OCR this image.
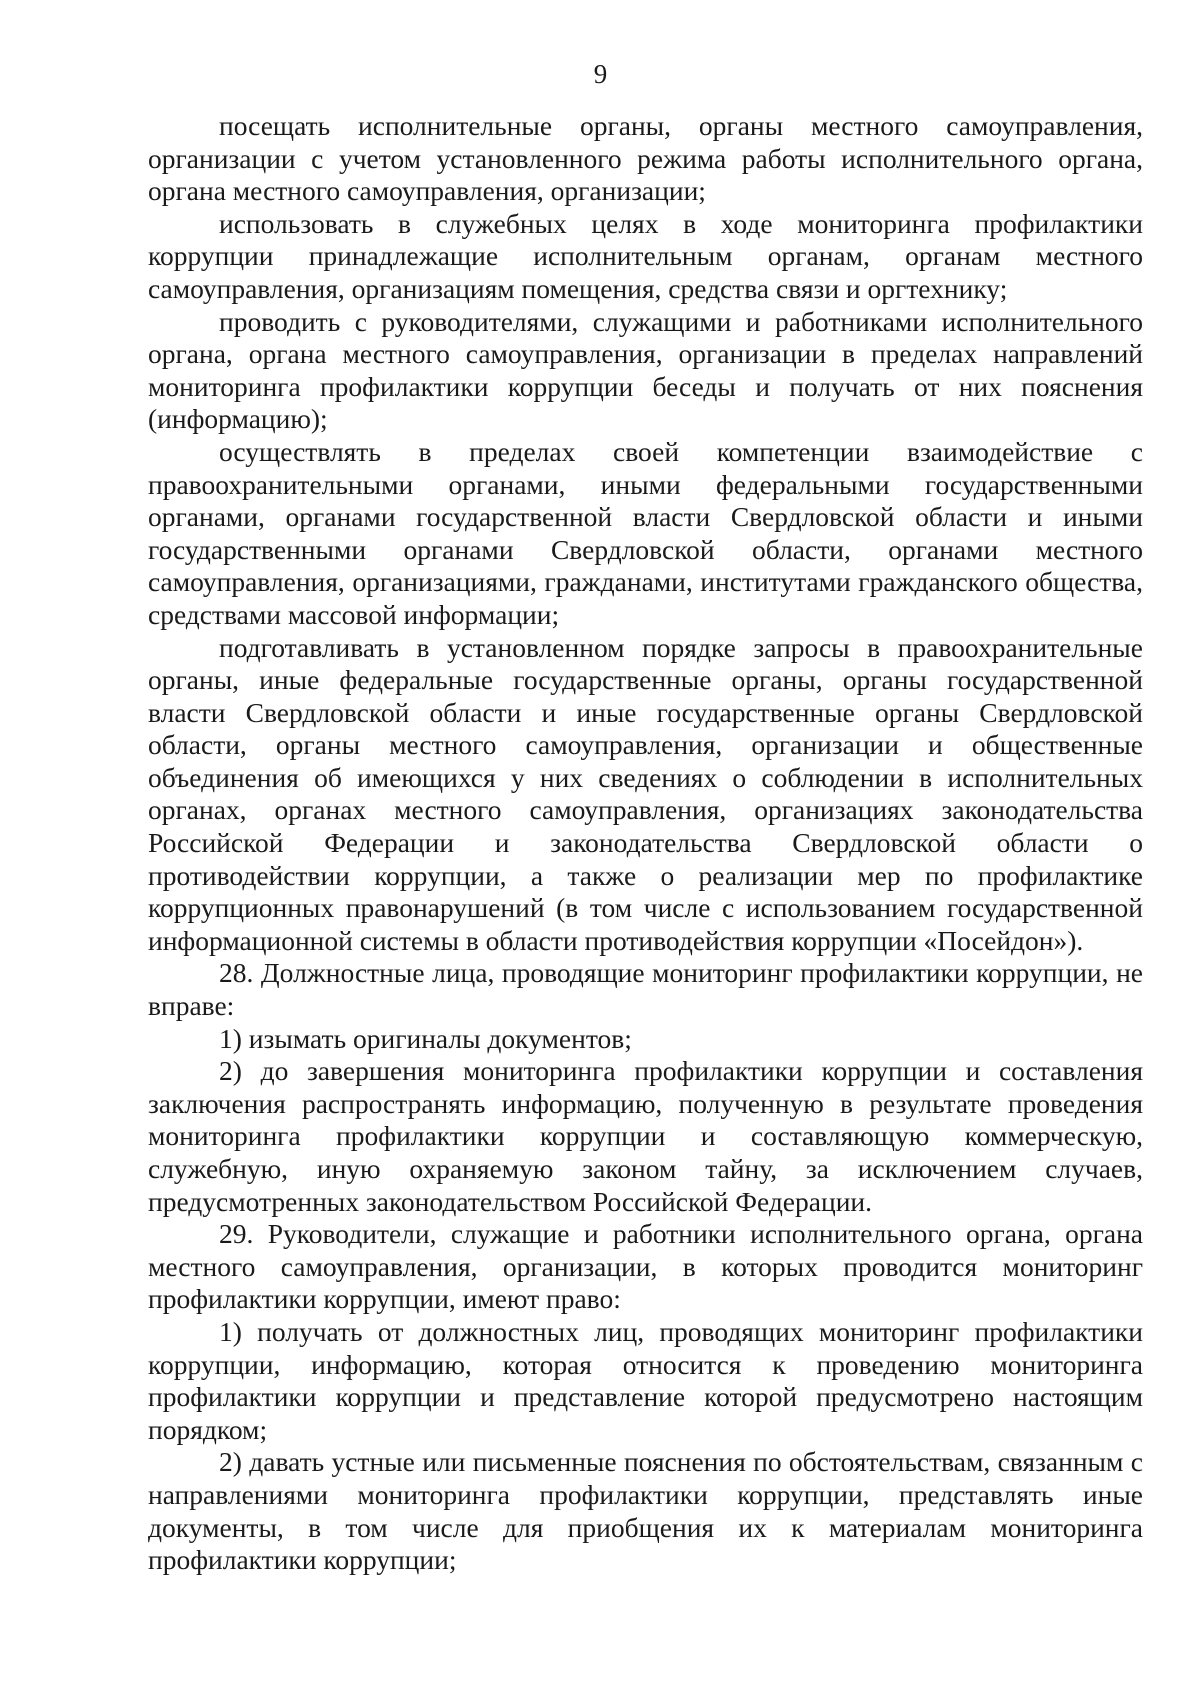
9

посещать исполнительные органы, органы местного самоуправления, организации с учетом установленного режима работы исполнительного органа, органа местного самоуправления, организации;

использовать в служебных целях в ходе мониторинга профилактики коррупции принадлежащие исполнительным органам, органам местного самоуправления, организациям помещения, средства связи и оргтехнику;

проводить с руководителями, служащими и работниками исполнительного органа, органа местного самоуправления, организации в пределах направлений мониторинга профилактики коррупции беседы и получать от них пояснения (информацию);

осуществлять в пределах своей компетенции взаимодействие с правоохранительными органами, иными федеральными государственными органами, органами государственной власти Свердловской области и иными государственными органами Свердловской области, органами местного самоуправления, организациями, гражданами, институтами гражданского общества, средствами массовой информации;

подготавливать в установленном порядке запросы в правоохранительные органы, иные федеральные государственные органы, органы государственной власти Свердловской области и иные государственные органы Свердловской области, органы местного самоуправления, организации и общественные объединения об имеющихся у них сведениях о соблюдении в исполнительных органах, органах местного самоуправления, организациях законодательства Российской Федерации и законодательства Свердловской области о противодействии коррупции, а также о реализации мер по профилактике коррупционных правонарушений (в том числе с использованием государственной информационной системы в области противодействия коррупции «Посейдон»).

28. Должностные лица, проводящие мониторинг профилактики коррупции, не вправе:

1) изымать оригиналы документов;

2) до завершения мониторинга профилактики коррупции и составления заключения распространять информацию, полученную в результате проведения мониторинга профилактики коррупции и составляющую коммерческую, служебную, иную охраняемую законом тайну, за исключением случаев, предусмотренных законодательством Российской Федерации.

29. Руководители, служащие и работники исполнительного органа, органа местного самоуправления, организации, в которых проводится мониторинг профилактики коррупции, имеют право:

1) получать от должностных лиц, проводящих мониторинг профилактики коррупции, информацию, которая относится к проведению мониторинга профилактики коррупции и представление которой предусмотрено настоящим порядком;

2) давать устные или письменные пояснения по обстоятельствам, связанным с направлениями мониторинга профилактики коррупции, представлять иные документы, в том числе для приобщения их к материалам мониторинга профилактики коррупции;
